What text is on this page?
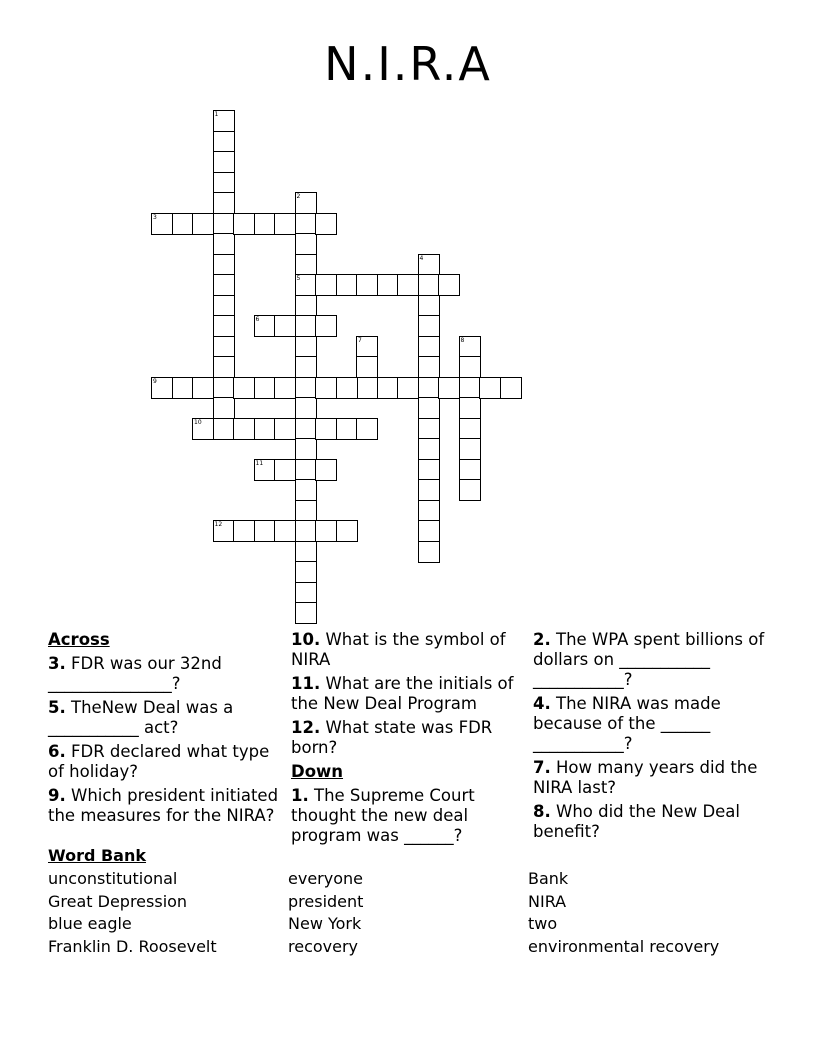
N.I.R.A
1
2
5
3
4
6
7	8
9
10
11
12
Across
3. FDR was our 32nd _______________?
5. TheNew Deal was a ___________ act?
6. FDR declared what type of holiday?
9. Which president initiated the measures for the NIRA?
10. What is the symbol of NIRA
11. What are the initials of the New Deal Program
12. What state was FDR born?
Down
1. The Supreme Court thought the new deal program was ______?
2. The WPA spent billions of dollars on ___________ ___________?
4. The NIRA was made because of the ______ ___________?
7. How many years did the NIRA last?
8. Who did the New Deal benefit?
Word Bank
unconstitutional
Great Depression
blue eagle
Franklin D. Roosevelt
everyone
president
New York
recovery
Bank
NIRA
two
environmental recovery
